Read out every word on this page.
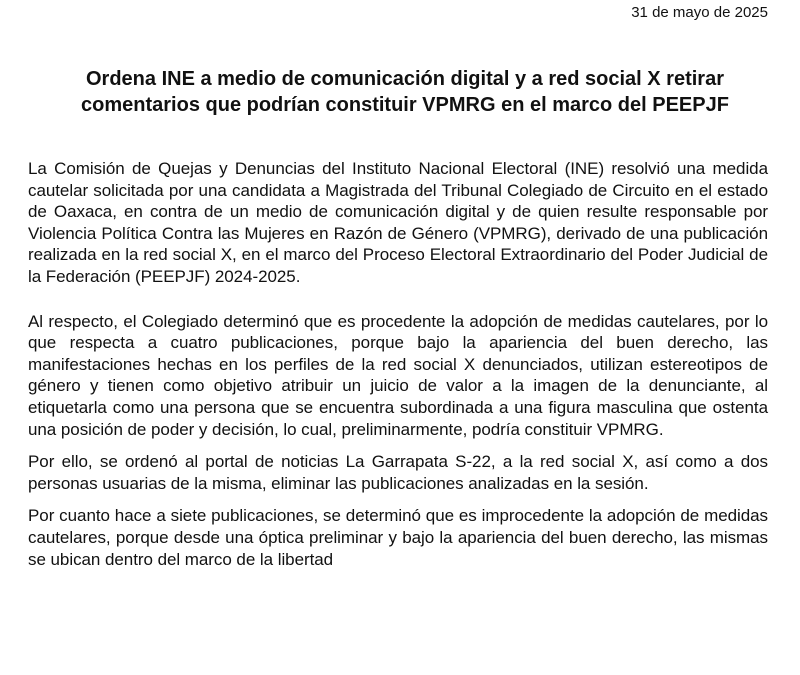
31 de mayo de 2025
Ordena INE a medio de comunicación digital y a red social X retirar comentarios que podrían constituir VPMRG en el marco del PEEPJF

La Comisión de Quejas y Denuncias del Instituto Nacional Electoral (INE) resolvió una medida cautelar solicitada por una candidata a Magistrada del Tribunal Colegiado de Circuito en el estado de Oaxaca, en contra de un medio de comunicación digital y de quien resulte responsable por Violencia Política Contra las Mujeres en Razón de Género (VPMRG), derivado de una publicación realizada en la red social X, en el marco del Proceso Electoral Extraordinario del Poder Judicial de la Federación (PEEPJF) 2024-2025.

Al respecto, el Colegiado determinó que es procedente la adopción de medidas cautelares, por lo que respecta a cuatro publicaciones, porque bajo la apariencia del buen derecho, las manifestaciones hechas en los perfiles de la red social X denunciados, utilizan estereotipos de género y tienen como objetivo atribuir un juicio de valor a la imagen de la denunciante, al etiquetarla como una persona que se encuentra subordinada a una figura masculina que ostenta una posición de poder y decisión, lo cual, preliminarmente, podría constituir VPMRG.

Por ello, se ordenó al portal de noticias La Garrapata S-22, a la red social X, así como a dos personas usuarias de la misma, eliminar las publicaciones analizadas en la sesión.

Por cuanto hace a siete publicaciones, se determinó que es improcedente la adopción de medidas cautelares, porque desde una óptica preliminar y bajo la apariencia del buen derecho, las mismas se ubican dentro del marco de la libertad
